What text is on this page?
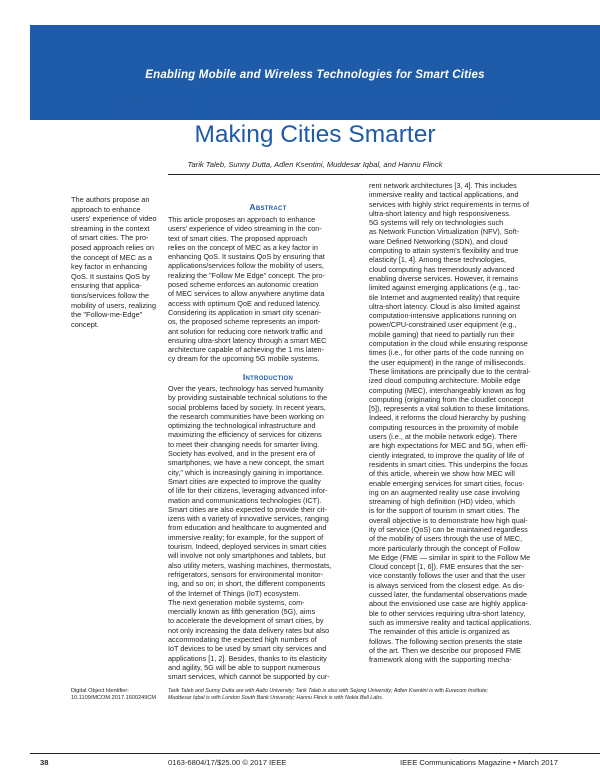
Enabling Mobile and Wireless Technologies for Smart Cities
Mobile Edge Computing Potential in
Making Cities Smarter
Tarik Taleb, Sunny Dutta, Adlen Ksentini, Muddesar Iqbal, and Hannu Flinck
The authors propose an
approach to enhance
users' experience of video
streaming in the context
of smart cities. The pro-
posed approach relies on
the concept of MEC as a
key factor in enhancing
QoS. It sustains QoS by
ensuring that applica-
tions/services follow the
mobility of users, realizing
the "Follow-me-Edge"
concept.
Abstract
This article proposes an approach to enhance
users' experience of video streaming in the con-
text of smart cities. The proposed approach
relies on the concept of MEC as a key factor in
enhancing QoS. It sustains QoS by ensuring that
applications/services follow the mobility of users,
realizing the "Follow Me Edge" concept. The pro-
posed scheme enforces an autonomic creation
of MEC services to allow anywhere anytime data
access with optimum QoE and reduced latency.
Considering its application in smart city scenari-
os, the proposed scheme represents an import-
ant solution for reducing core network traffic and
ensuring ultra-short latency through a smart MEC
architecture capable of achieving the 1 ms laten-
cy dream for the upcoming 5G mobile systems.
Introduction
Over the years, technology has served humanity
by providing sustainable technical solutions to the
social problems faced by society. In recent years,
the research communities have been working on
optimizing the technological infrastructure and
maximizing the efficiency of services for citizens
to meet their changing needs for smarter living.
Society has evolved, and in the present era of
smartphones, we have a new concept, the smart
city," which is increasingly gaining in importance.
Smart cities are expected to improve the quality
of life for their citizens, leveraging advanced infor-
mation and communications technologies (ICT).
Smart cities are also expected to provide their cit-
izens with a variety of innovative services, ranging
from education and healthcare to augmented and
immersive reality; for example, for the support of
tourism. Indeed, deployed services in smart cities
will involve not only smartphones and tablets, but
also utility meters, washing machines, thermostats,
refrigerators, sensors for environmental monitor-
ing, and so on; in short, the different components
of the Internet of Things (IoT) ecosystem.
The next generation mobile systems, com-
mercially known as fifth generation (5G), aims
to accelerate the development of smart cities, by
not only increasing the data delivery rates but also
accommodating the expected high numbers of
IoT devices to be used by smart city services and
applications [1, 2]. Besides, thanks to its elasticity
and agility, 5G will be able to support numerous
smart services, which cannot be supported by cur-
rent network architectures [3, 4]. This includes
immersive reality and tactical applications, and
services with highly strict requirements in terms of
ultra-short latency and high responsiveness.
5G systems will rely on technologies such
as Network Function Virtualization (NFV), Soft-
ware Defined Networking (SDN), and cloud
computing to attain system's flexibility and true
elasticity [1, 4]. Among these technologies,
cloud computing has tremendously advanced
enabling diverse services. However, it remains
limited against emerging applications (e.g., tac-
tile Internet and augmented reality) that require
ultra-short latency. Cloud is also limited against
computation-intensive applications running on
power/CPU-constrained user equipment (e.g.,
mobile gaming) that need to partially run their
computation in the cloud while ensuring response
times (i.e., for other parts of the code running on
the user equipment) in the range of milliseconds.
These limitations are principally due to the central-
ized cloud computing architecture. Mobile edge
computing (MEC), interchangeably known as fog
computing (originating from the cloudlet concept
[5]), represents a vital solution to these limitations.
Indeed, it reforms the cloud hierarchy by pushing
computing resources in the proximity of mobile
users (i.e., at the mobile network edge). There
are high expectations for MEC and 5G, when effi-
ciently integrated, to improve the quality of life of
residents in smart cities. This underpins the focus
of this article, wherein we show how MEC will
enable emerging services for smart cities, focus-
ing on an augmented reality use case involving
streaming of high definition (HD) video, which
is for the support of tourism in smart cities. The
overall objective is to demonstrate how high qual-
ity of service (QoS) can be maintained regardless
of the mobility of users through the use of MEC,
more particularly through the concept of Follow
Me Edge (FME — similar in spirit to the Follow Me
Cloud concept [1, 6]). FME ensures that the ser-
vice constantly follows the user and that the user
is always serviced from the closest edge. As dis-
cussed later, the fundamental observations made
about the envisioned use case are highly applica-
ble to other services requiring ultra-short latency,
such as immersive reality and tactical applications.
The remainder of this article is organized as
follows. The following section presents the state
of the art. Then we describe our proposed FME
framework along with the supporting mecha-
Digital Object Identifier:
10.1109/MCOM.2017.1600249CM
Tarik Taleb and Sunny Dutta are with Aalto University; Tarik Taleb is also with Sejong University; Adlen Ksentini is with Eurecom Institute;
Muddesar Iqbal is with London South Bank University; Hannu Flinck is with Nokia Bell Labs.
38	0163-6804/17/$25.00 © 2017 IEEE	IEEE Communications Magazine • March 2017
